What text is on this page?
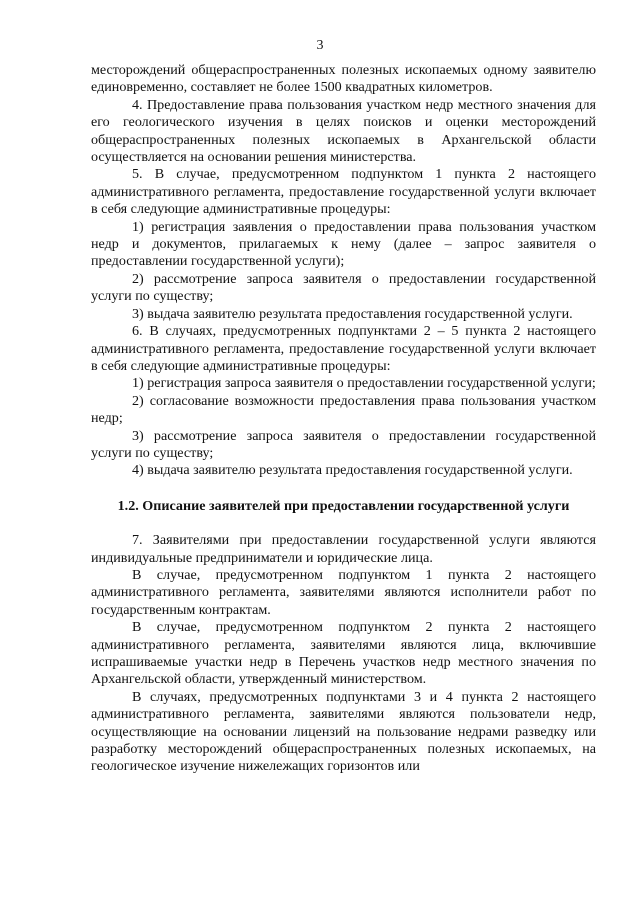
3

месторождений общераспространенных полезных ископаемых одному заявителю единовременно, составляет не более 1500 квадратных километров.

4. Предоставление права пользования участком недр местного значения для его геологического изучения в целях поисков и оценки месторождений общераспространенных полезных ископаемых в Архангельской области осуществляется на основании решения министерства.

5. В случае, предусмотренном подпунктом 1 пункта 2 настоящего административного регламента, предоставление государственной услуги включает в себя следующие административные процедуры:

1) регистрация заявления о предоставлении права пользования участком недр и документов, прилагаемых к нему (далее – запрос заявителя о предоставлении государственной услуги);

2) рассмотрение запроса заявителя о предоставлении государственной услуги по существу;

3) выдача заявителю результата предоставления государственной услуги.

6. В случаях, предусмотренных подпунктами 2 – 5 пункта 2 настоящего административного регламента, предоставление государственной услуги включает в себя следующие административные процедуры:

1) регистрация запроса заявителя о предоставлении государственной услуги;

2) согласование возможности предоставления права пользования участком недр;

3) рассмотрение запроса заявителя о предоставлении государственной услуги по существу;

4) выдача заявителю результата предоставления государственной услуги.

1.2. Описание заявителей при предоставлении государственной услуги

7. Заявителями при предоставлении государственной услуги являются индивидуальные предприниматели и юридические лица.

В случае, предусмотренном подпунктом 1 пункта 2 настоящего административного регламента, заявителями являются исполнители работ по государственным контрактам.

В случае, предусмотренном подпунктом 2 пункта 2 настоящего административного регламента, заявителями являются лица, включившие испрашиваемые участки недр в Перечень участков недр местного значения по Архангельской области, утвержденный министерством.

В случаях, предусмотренных подпунктами 3 и 4 пункта 2 настоящего административного регламента, заявителями являются пользователи недр, осуществляющие на основании лицензий на пользование недрами разведку или разработку месторождений общераспространенных полезных ископаемых, на геологическое изучение нижележащих горизонтов или
